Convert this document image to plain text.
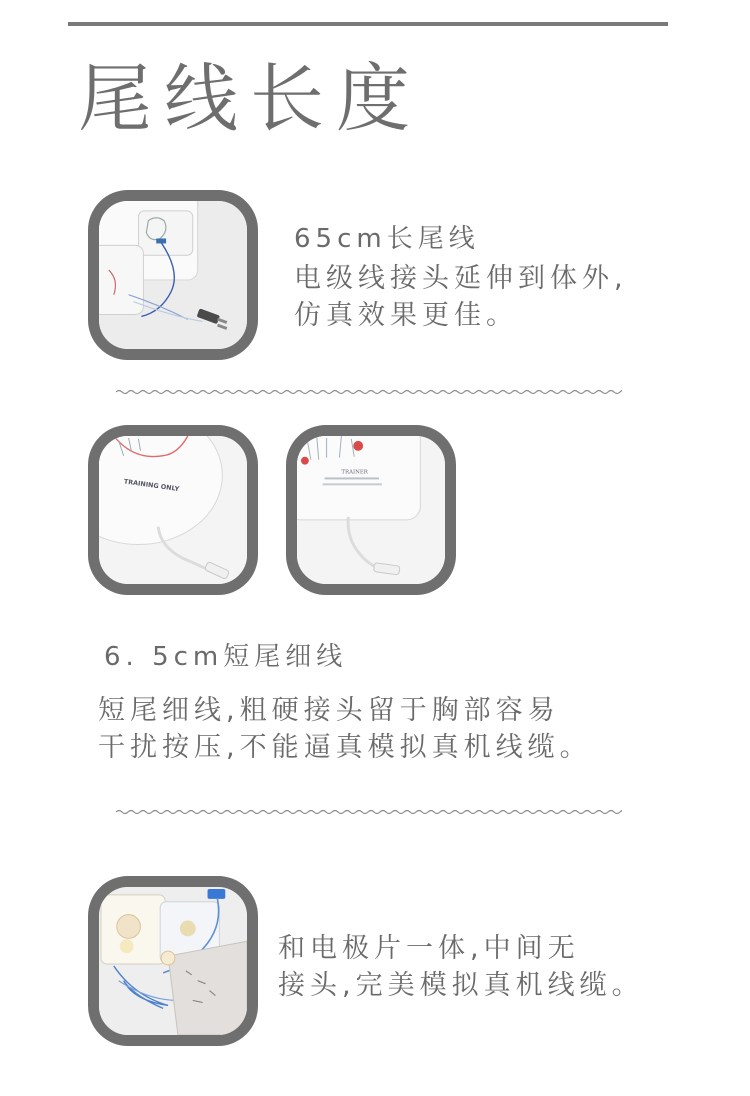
尾线长度
65cm长尾线
电级线接头延伸到体外,
仿真效果更佳。
TRAINING ONLY
TRAINER
6. 5cm短尾细线
短尾细线,粗硬接头留于胸部容易
干扰按压,不能逼真模拟真机线缆。
和电极片一体,中间无
接头,完美模拟真机线缆。
